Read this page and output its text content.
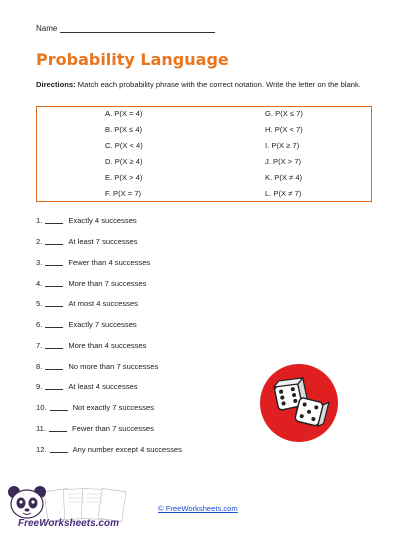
Name
Probability Language
Directions: Match each probability phrase with the correct notation. Write the letter on the blank.
A. P(X = 4)
B. P(X ≤ 4)
C. P(X < 4)
D. P(X ≥ 4)
E. P(X > 4)
F. P(X = 7)
G. P(X ≤ 7)
H. P(X < 7)
I. P(X ≥ 7)
J. P(X > 7)
K. P(X ≠ 4)
L. P(X ≠ 7)
1.	Exactly 4 successes
2.	At least 7 successes
3.	Fewer than 4 successes
4.	More than 7 successes
5.	At most 4 successes
6.	Exactly 7 successes
7.	More than 4 successes
8.	No more than 7 successes
9.	At least 4 successes
10.	Not exactly 7 successes
11.	Fewer than 7 successes
12.	Any number except 4 successes
FreeWorksheets.com
© FreeWorksheets.com
